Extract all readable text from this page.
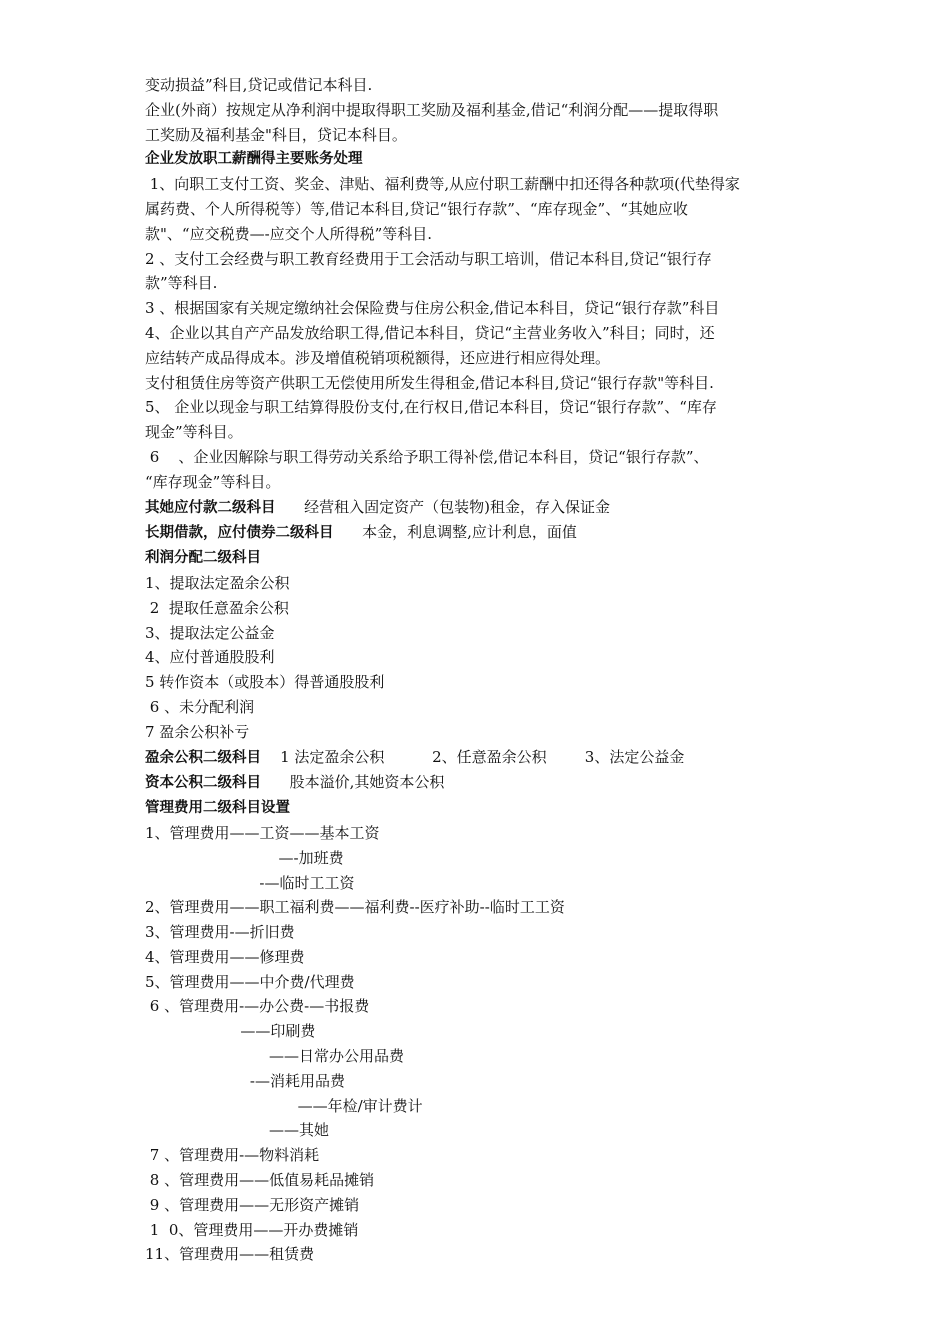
变动损益”科目,贷记或借记本科目.
企业(外商）按规定从净利润中提取得职工奖励及福利基金,借记“利润分配——提取得职
工奖励及福利基金"科目，贷记本科目。
企业发放职工薪酬得主要账务处理
1、向职工支付工资、奖金、津贴、福利费等,从应付职工薪酬中扣还得各种款项(代垫得家
属药费、个人所得税等）等,借记本科目,贷记“银行存款”、“库存现金”、“其她应收
款"、“应交税费—-应交个人所得税”等科目.
2 、支付工会经费与职工教育经费用于工会活动与职工培训，借记本科目,贷记“银行存
款”等科目.
3 、根据国家有关规定缴纳社会保险费与住房公积金,借记本科目，贷记“银行存款”科目
4、企业以其自产产品发放给职工得,借记本科目，贷记“主营业务收入”科目；同时，还
应结转产成品得成本。涉及增值税销项税额得，还应进行相应得处理。
支付租赁住房等资产供职工无偿使用所发生得租金,借记本科目,贷记“银行存款"等科目.
5、 企业以现金与职工结算得股份支付,在行权日,借记本科目，贷记“银行存款”、“库存
现金”等科目。
6    、企业因解除与职工得劳动关系给予职工得补偿,借记本科目，贷记“银行存款”、
“库存现金”等科目。
其她应付款二级科目 经营租入固定资产（包装物)租金，存入保证金
长期借款，应付债券二级科目 本金，利息调整,应计利息，面值
利润分配二级科目
1、提取法定盈余公积
2  提取任意盈余公积
3、提取法定公益金
4、应付普通股股利
5 转作资本（或股本）得普通股股利
6 、未分配利润
7 盈余公积补亏
盈余公积二级科目 1 法定盈余公积	2、任意盈余公积	3、法定公益金
资本公积二级科目 股本溢价,其她资本公积
管理费用二级科目设置
1、管理费用——工资——基本工资
—-加班费
-—临时工工资
2、管理费用——职工福利费——福利费--医疗补助--临时工工资
3、管理费用-—折旧费
4、管理费用——修理费
5、管理费用——中介费/代理费
6 、管理费用-—办公费-—书报费
——印刷费
——日常办公用品费
-—消耗用品费
——年检/审计费计
——其她
7 、管理费用-—物料消耗
8 、管理费用——低值易耗品摊销
9 、管理费用——无形资产摊销
1  0、管理费用——开办费摊销
11、管理费用——租赁费
